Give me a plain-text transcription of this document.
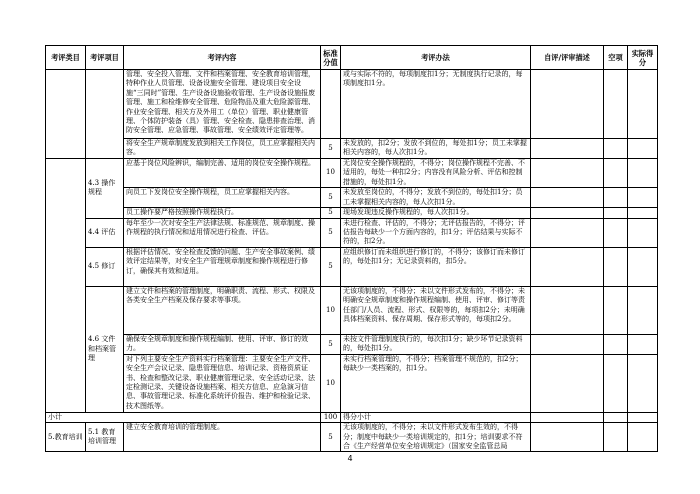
考评类目	考评项目	考评内容	标准分值	考评办法	自评/评审描述	空项	实际得分
		管理、安全投入管理、文件和档案管理、安全教育培训管理，特种作业人员管理、设备设施安全管理、建设项目安全设施“三同时”管理、生产设备设施验收管理、生产设备设施报废管理、施工和检维修安全管理、危险物品及重大危险源管理、作业安全管理、相关方及外用工（单位）管理、职业健康管理、个体防护装备（具）管理、安全检查、隐患排查治理、消防安全管理、应急管理、事故管理、安全绩效评定管理等。		或与实际不符的，每项制度扣1分；无制度执行记录的，每项制度扣1分。			
		将安全生产规章制度发放到相关工作岗位，员工应掌握相关内容。	5	未发放的，扣2分；发放不到位的，每处扣1分；员工未掌握相关内容的，每人次扣1分。			
	4.3 操作规程	应基于岗位风险辨识，编制完善、适用的岗位安全操作规程。	10	无岗位安全操作规程的，不得分；岗位操作规程不完善、不适用的，每处一种扣2分；内容没有风险分析、评估和控制措施的，每处扣1分。			
		向员工下发岗位安全操作规程，员工应掌握相关内容。	5	未发放至岗位的，不得分；发放不到位的，每处扣1分；员工未掌握相关内容的，每人次扣1分。			
		员工操作要严格按照操作规程执行。	5	现场发现违反操作规程的，每人次扣1分。			
	4.4 评估	每年至少一次对安全生产法律法规、标准规范、规章制度、操作规程的执行情况和适用情况进行检查、评估。	5	未进行检查、评估的，不得分；无评估报告的，不得分；评估报告每缺少一个方面内容的，扣1分；评估结果与实际不符的，扣2分。			
	4.5 修订	根据评估情况、安全检查反馈的问题、生产安全事故案例、绩效评定结果等，对安全生产管理规章制度和操作规程进行修订，确保其有效和适用。	5	应组织修订而未组织进行修订的，不得分；该修订而未修订的，每处扣1分；无记录资料的，扣5分。			
	4.6 文件和档案管理	建立文件和档案的管理制度，明确职责、流程、形式、权限及各类安全生产档案及保存要求等事项。	10	无该项制度的，不得分；未以文件形式发布的，不得分；未明确安全规章制度和操作规程编制、使用、评审、修订等责任部门/人员、流程、形式、权限等的，每项扣2分；未明确具体档案资料、保存周期、保存形式等的，每项扣2分。			
		确保安全规章制度和操作规程编制、使用、评审、修订的效力。	5	未按文件管理制度执行的，每次扣1分；缺少环节记录资料的，每处扣1分。			
		对下列主要安全生产资料实行档案管理：主要安全生产文件、安全生产会议记录、隐患管理信息、培训记录、资格资质证书、检查和整改记录、职业健康管理记录、安全活动记录、法定检测记录、关键设备设施档案、相关方信息、应急演习信息、事故管理记录、标准化系统评价报告、维护和检验记录、技术图纸等。	10	未实行档案管理的，不得分；档案管理不规范的，扣2分；每缺少一类档案的，扣1分。			
小计			100	得分小计			
5.教育培训	5.1 教育培训管理	建立安全教育培训的管理制度。	5	无该项制度的，不得分；未以文件形式发布生效的，不得分；制度中每缺少一类培训规定的，扣1分；培训要求不符合《生产经营单位安全培训规定》（国家安全监管总局			
4
